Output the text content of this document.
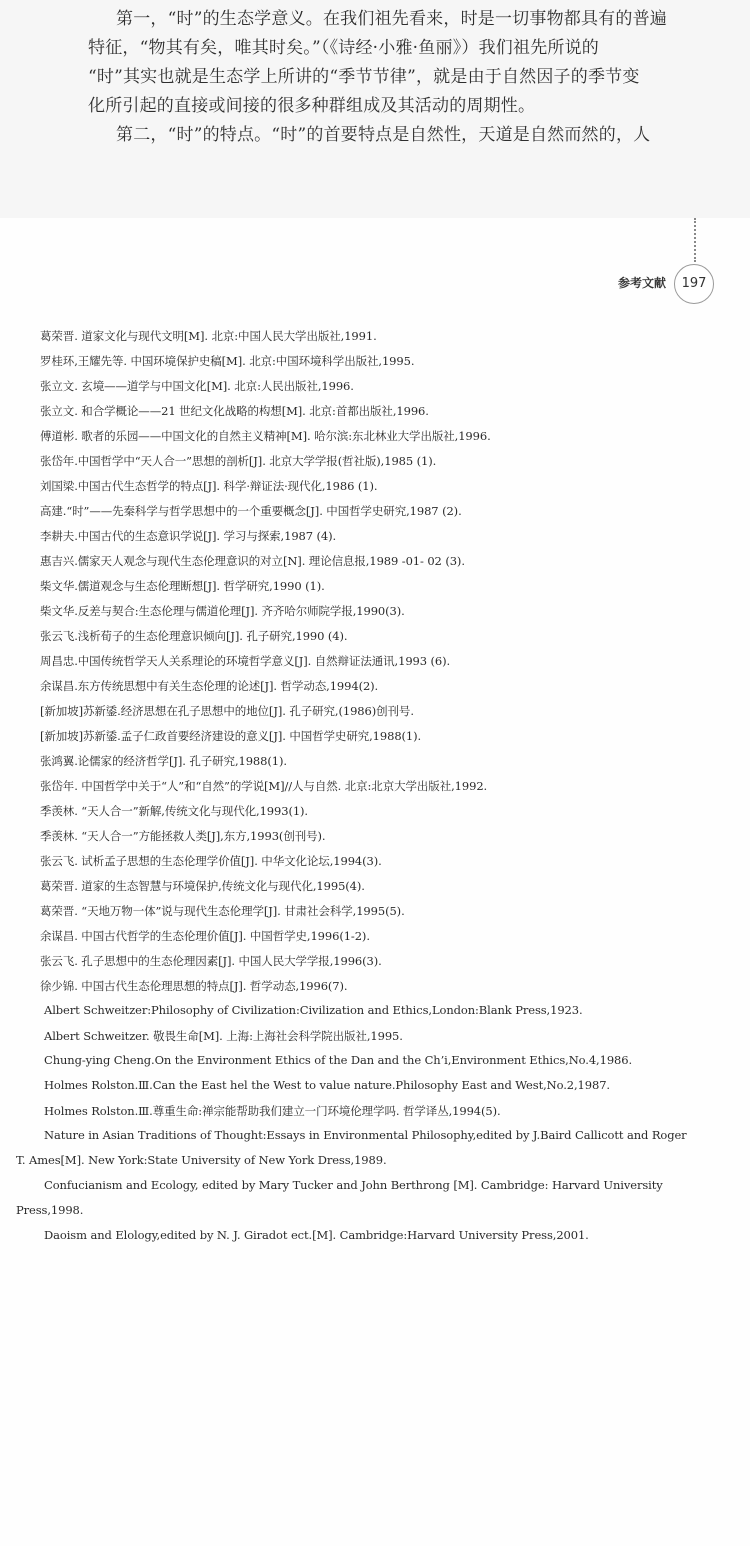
第一，“时”的生态学意义。在我们祖先看来，时是一切事物都具有的普遍
特征，“物其有矣，唯其时矣。”（《诗经·小雅·鱼丽》）我们祖先所说的
“时”其实也就是生态学上所讲的“季节节律”，就是由于自然因子的季节变
化所引起的直接或间接的很多种群组成及其活动的周期性。
第二，“时”的特点。“时”的首要特点是自然性，天道是自然而然的，人
参考文献	197
葛荣晋. 道家文化与现代文明[M]. 北京:中国人民大学出版社,1991.
罗桂环,王耀先等. 中国环境保护史稿[M]. 北京:中国环境科学出版社,1995.
张立文. 玄境——道学与中国文化[M]. 北京:人民出版社,1996.
张立文. 和合学概论——21 世纪文化战略的构想[M]. 北京:首都出版社,1996.
傅道彬. 歌者的乐园——中国文化的自然主义精神[M]. 哈尔滨:东北林业大学出版社,1996.
张岱年.中国哲学中“天人合一”思想的剖析[J]. 北京大学学报(哲社版),1985 (1).
刘国梁.中国古代生态哲学的特点[J]. 科学·辩证法·现代化,1986 (1).
高建.“时”——先秦科学与哲学思想中的一个重要概念[J]. 中国哲学史研究,1987 (2).
李耕夫.中国古代的生态意识学说[J]. 学习与探索,1987 (4).
惠吉兴.儒家天人观念与现代生态伦理意识的对立[N]. 理论信息报,1989 -01- 02 (3).
柴文华.儒道观念与生态伦理断想[J]. 哲学研究,1990 (1).
柴文华.反差与契合:生态伦理与儒道伦理[J]. 齐齐哈尔师院学报,1990(3).
张云飞.浅析荀子的生态伦理意识倾向[J]. 孔子研究,1990 (4).
周昌忠.中国传统哲学天人关系理论的环境哲学意义[J]. 自然辩证法通讯,1993 (6).
余谋昌.东方传统思想中有关生态伦理的论述[J]. 哲学动态,1994(2).
[新加坡]苏新鋈.经济思想在孔子思想中的地位[J]. 孔子研究,(1986)创刊号.
[新加坡]苏新鋈.孟子仁政首要经济建设的意义[J]. 中国哲学史研究,1988(1).
张鸿翼.论儒家的经济哲学[J]. 孔子研究,1988(1).
张岱年. 中国哲学中关于“人”和“自然”的学说[M]//人与自然. 北京:北京大学出版社,1992.
季羡林. “天人合一”新解,传统文化与现代化,1993(1).
季羡林. “天人合一”方能拯救人类[J],东方,1993(创刊号).
张云飞. 试析孟子思想的生态伦理学价值[J]. 中华文化论坛,1994(3).
葛荣晋. 道家的生态智慧与环境保护,传统文化与现代化,1995(4).
葛荣晋. “天地万物一体”说与现代生态伦理学[J]. 甘肃社会科学,1995(5).
余谋昌. 中国古代哲学的生态伦理价值[J]. 中国哲学史,1996(1-2).
张云飞. 孔子思想中的生态伦理因素[J]. 中国人民大学学报,1996(3).
徐少锦. 中国古代生态伦理思想的特点[J]. 哲学动态,1996(7).
Albert Schweitzer:Philosophy of Civilization:Civilization and Ethics,London:Blank Press,1923.
Albert Schweitzer. 敬畏生命[M]. 上海:上海社会科学院出版社,1995.
Chung-ying Cheng.On the Environment Ethics of the Dan and the Ch’i,Environment Ethics,No.4,1986.
Holmes Rolston.Ⅲ.Can the East hel the West to value nature.Philosophy East and West,No.2,1987.
Holmes Rolston.Ⅲ.尊重生命:禅宗能帮助我们建立一门环境伦理学吗. 哲学译丛,1994(5).
Nature in Asian Traditions of Thought:Essays in Environmental Philosophy,edited by J.Baird Callicott and Roger
T. Ames[M]. New York:State University of New York Dress,1989.
Confucianism and Ecology, edited by Mary Tucker and John Berthrong [M]. Cambridge: Harvard University
Press,1998.
Daoism and Elology,edited by N. J. Giradot ect.[M]. Cambridge:Harvard University Press,2001.
